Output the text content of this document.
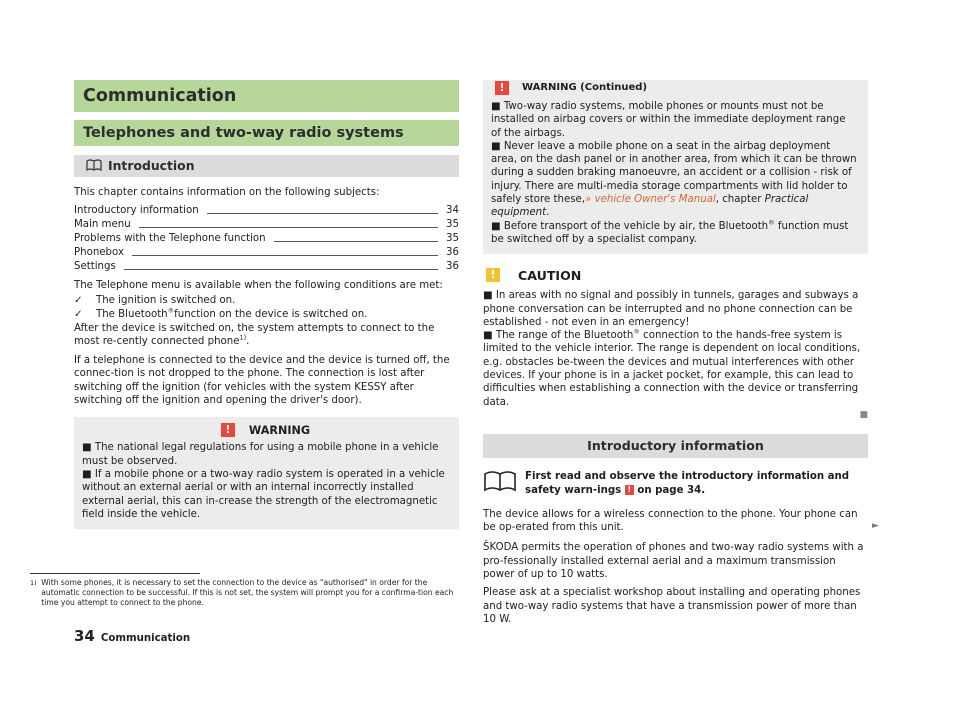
Communication
Telephones and two-way radio systems
Introduction

This chapter contains information on the following subjects:

Introductory information	34
Main menu	35
Problems with the Telephone function	35
Phonebox	36
Settings	36

The Telephone menu is available when the following conditions are met:

✓	The ignition is switched on.
✓	The Bluetooth®function on the device is switched on.

After the device is switched on, the system attempts to connect to the most re-cently connected phone$^{1)}$.

If a telephone is connected to the device and the device is turned off, the connec-tion is not dropped to the phone. The connection is lost after switching off the ignition (for vehicles with the system KESSY after switching off the ignition and opening the driver's door).

!	WARNING

■ The national legal regulations for using a mobile phone in a vehicle must be observed.

■ If a mobile phone or a two-way radio system is operated in a vehicle without an external aerial or with an internal incorrectly installed external aerial, this can in-crease the strength of the electromagnetic field inside the vehicle.

!	WARNING (Continued)

■ Two-way radio systems, mobile phones or mounts must not be installed on airbag covers or within the immediate deployment range of the airbags.

■ Never leave a mobile phone on a seat in the airbag deployment area, on the dash panel or in another area, from which it can be thrown during a sudden braking manoeuvre, an accident or a collision - risk of injury. There are multi-media storage compartments with lid holder to safely store these,» vehicle Owner's Manual, chapter Practical equipment.

■ Before transport of the vehicle by air, the Bluetooth® function must be switched off by a specialist company.

!	CAUTION

■ In areas with no signal and possibly in tunnels, garages and subways a phone conversation can be interrupted and no phone connection can be established - not even in an emergency!

■ The range of the Bluetooth® connection to the hands-free system is limited to the vehicle interior. The range is dependent on local conditions, e.g. obstacles be-tween the devices and mutual interferences with other devices. If your phone is in a jacket pocket, for example, this can lead to difficulties when establishing a connection with the device or transferring data.

■
Introductory information
First read and observe the introductory information and safety warn-ings ! on page 34.

The device allows for a wireless connection to the phone. Your phone can be op-erated from this unit.

ŠKODA permits the operation of phones and two-way radio systems with a pro-fessionally installed external aerial and a maximum transmission power of up to 10 watts.

Please ask at a specialist workshop about installing and operating phones and two-way radio systems that have a transmission power of more than 10 W.

►
1) With some phones, it is necessary to set the connection to the device as "authorised" in order for the automatic connection to be successful. If this is not set, the system will prompt you for a confirma-tion each time you attempt to connect to the phone.
34 Communication
